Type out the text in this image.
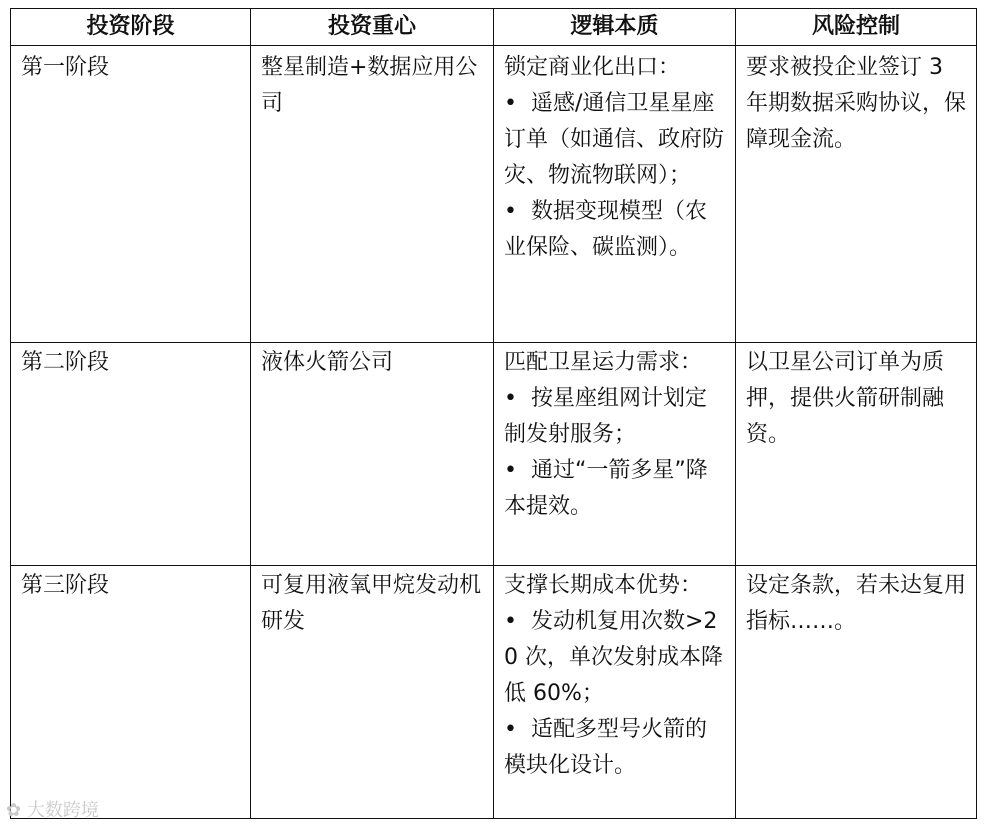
投资阶段	投资重心	逻辑本质	风险控制
第一阶段	整星制造+数据应用公司	锁定商业化出口：
• 遥感/通信卫星星座订单（如通信、政府防灾、物流物联网）；
• 数据变现模型（农业保险、碳监测）。	要求被投企业签订 3 年期数据采购协议，保障现金流。
第二阶段	液体火箭公司	匹配卫星运力需求：
• 按星座组网计划定制发射服务；
• 通过“一箭多星”降本提效。	以卫星公司订单为质押，提供火箭研制融资。
第三阶段	可复用液氧甲烷发动机研发	支撑长期成本优势：
• 发动机复用次数>20 次，单次发射成本降低 60%；
• 适配多型号火箭的模块化设计。	设定条款，若未达复用指标……。
✿ 大数跨境
